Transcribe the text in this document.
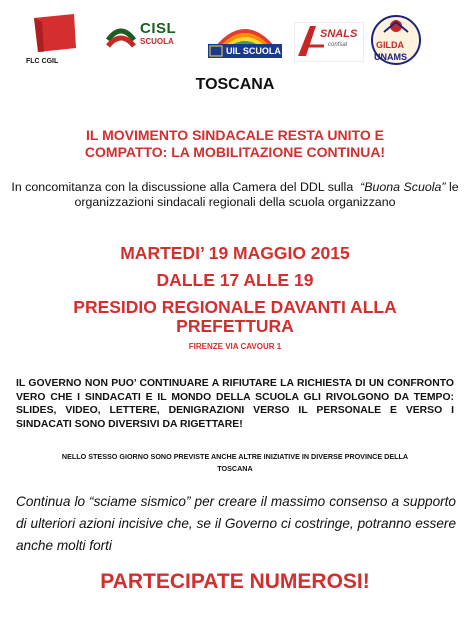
FLC CGIL
CISL
SCUOLA
UIL SCUOLA
SNALS
confsal	GILDA
UNAMS
TOSCANA
IL MOVIMENTO SINDACALE RESTA UNITO E
COMPATTO: LA MOBILITAZIONE CONTINUA!
In concomitanza con la discussione alla Camera del DDL sulla “Buona Scuola” le organizzazioni sindacali regionali della scuola organizzano
MARTEDI’ 19 MAGGIO 2015
DALLE 17 ALLE 19
PRESIDIO REGIONALE DAVANTI ALLA
PREFETTURA
FIRENZE VIA CAVOUR 1
IL GOVERNO NON PUO’ CONTINUARE A RIFIUTARE LA RICHIESTA DI UN CONFRONTO VERO CHE I SINDACATI E IL MONDO DELLA SCUOLA GLI RIVOLGONO DA TEMPO: SLIDES, VIDEO, LETTERE, DENIGRAZIONI VERSO IL PERSONALE E VERSO I SINDACATI SONO DIVERSIVI DA RIGETTARE!
NELLO STESSO GIORNO SONO PREVISTE ANCHE ALTRE INIZIATIVE IN DIVERSE PROVINCE DELLA
TOSCANA
Continua lo “sciame sismico” per creare il massimo consenso a supporto di ulteriori azioni incisive che, se il Governo ci costringe, potranno essere anche molti forti
PARTECIPATE NUMEROSI!
